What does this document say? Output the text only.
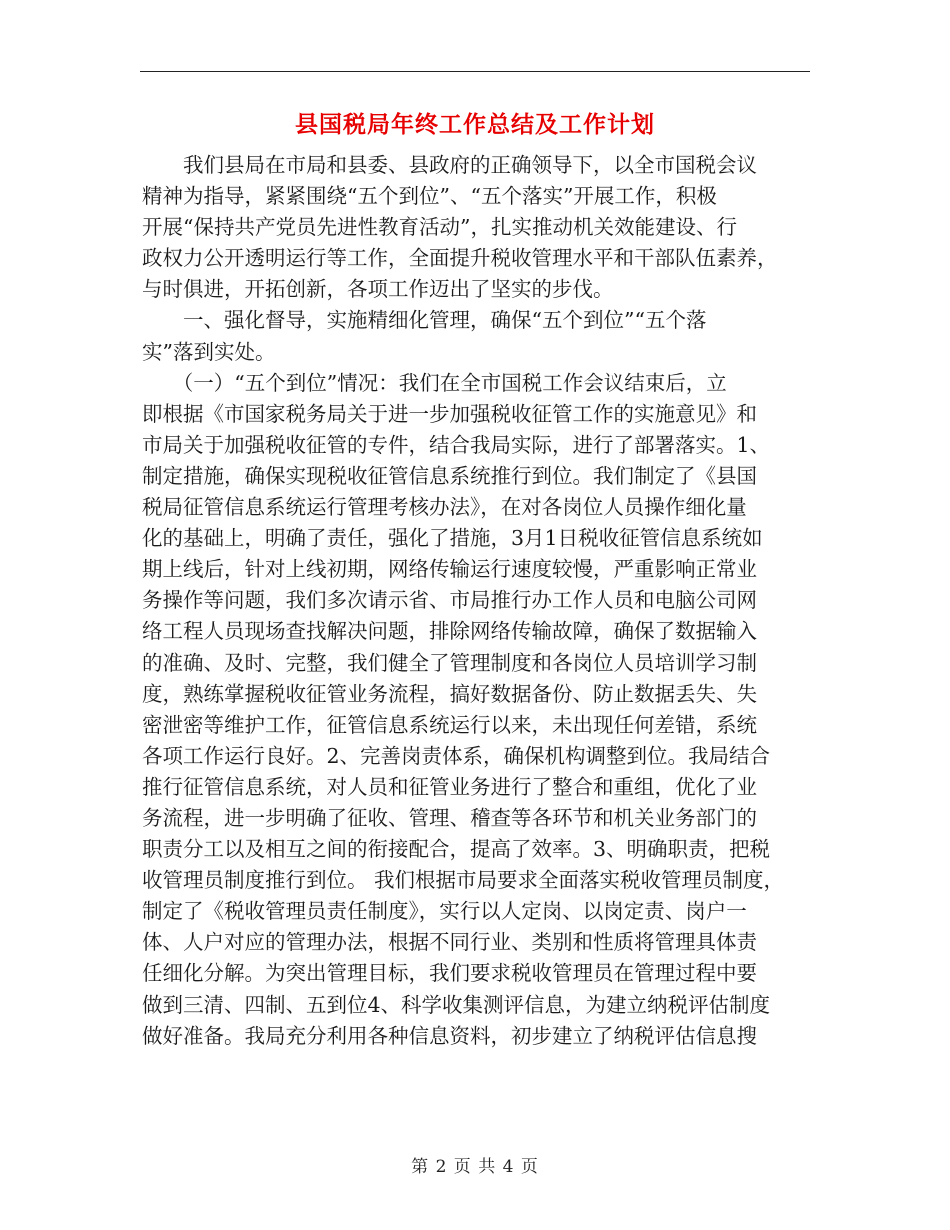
县国税局年终工作总结及工作计划
　　我们县局在市局和县委、县政府的正确领导下，以全市国税会议
精神为指导，紧紧围绕“五个到位”、“五个落实”开展工作，积极
开展“保持共产党员先进性教育活动”，扎实推动机关效能建设、行
政权力公开透明运行等工作，全面提升税收管理水平和干部队伍素养，
与时俱进，开拓创新，各项工作迈出了坚实的步伐。
　　一、强化督导，实施精细化管理，确保“五个到位”“五个落
实”落到实处。
　　（一）“五个到位”情况：我们在全市国税工作会议结束后，立
即根据《市国家税务局关于进一步加强税收征管工作的实施意见》和
市局关于加强税收征管的专件，结合我局实际，进行了部署落实。1、
制定措施，确保实现税收征管信息系统推行到位。我们制定了《县国
税局征管信息系统运行管理考核办法》，在对各岗位人员操作细化量
化的基础上，明确了责任，强化了措施，3月1日税收征管信息系统如
期上线后，针对上线初期，网络传输运行速度较慢，严重影响正常业
务操作等问题，我们多次请示省、市局推行办工作人员和电脑公司网
络工程人员现场查找解决问题，排除网络传输故障，确保了数据输入
的准确、及时、完整，我们健全了管理制度和各岗位人员培训学习制
度，熟练掌握税收征管业务流程，搞好数据备份、防止数据丢失、失
密泄密等维护工作，征管信息系统运行以来，未出现任何差错，系统
各项工作运行良好。2、完善岗责体系，确保机构调整到位。我局结合
推行征管信息系统，对人员和征管业务进行了整合和重组，优化了业
务流程，进一步明确了征收、管理、稽查等各环节和机关业务部门的
职责分工以及相互之间的衔接配合，提高了效率。3、明确职责，把税
收管理员制度推行到位。 我们根据市局要求全面落实税收管理员制度，
制定了《税收管理员责任制度》，实行以人定岗、以岗定责、岗户一
体、人户对应的管理办法，根据不同行业、类别和性质将管理具体责
任细化分解。为突出管理目标，我们要求税收管理员在管理过程中要
做到三清、四制、五到位4、科学收集测评信息，为建立纳税评估制度
做好准备。我局充分利用各种信息资料，初步建立了纳税评估信息搜
第 2 页 共 4 页
